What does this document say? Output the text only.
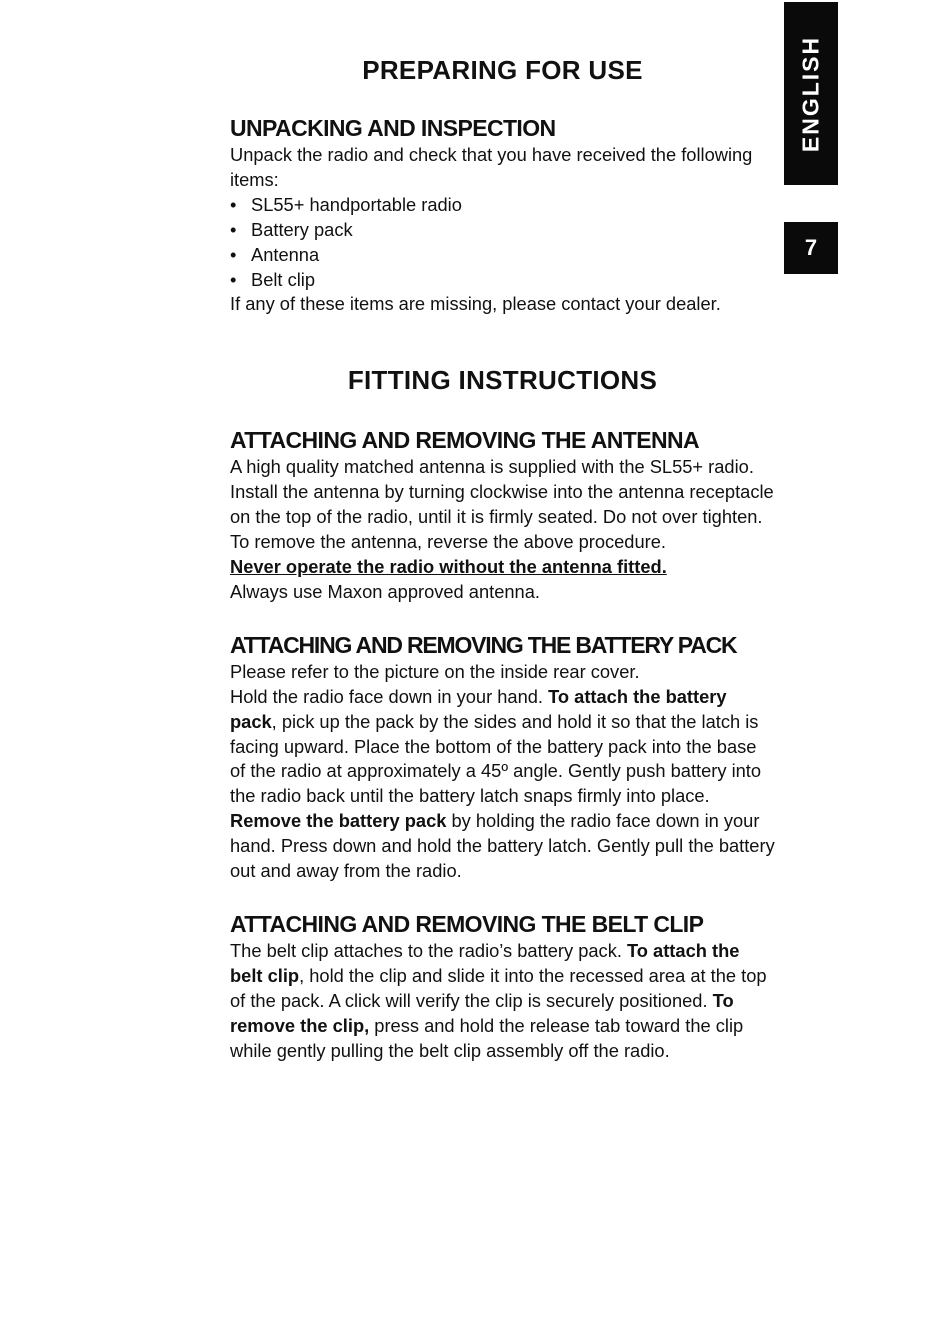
ENGLISH
7
PREPARING FOR USE
UNPACKING AND INSPECTION

Unpack the radio and check that you have received the following items:

• SL55+ handportable radio
• Battery pack
• Antenna
• Belt clip

If any of these items are missing, please contact your dealer.

FITTING INSTRUCTIONS
ATTACHING AND REMOVING THE ANTENNA

A high quality matched antenna is supplied with the SL55+ radio. Install the antenna by turning clockwise into the antenna receptacle on the top of the radio, until it is firmly seated. Do not over tighten. To remove the antenna, reverse the above procedure.

Never operate the radio without the antenna fitted.

Always use Maxon approved antenna.

ATTACHING AND REMOVING THE BATTERY PACK

Please refer to the picture on the inside rear cover.

Hold the radio face down in your hand. To attach the battery pack, pick up the pack by the sides and hold it so that the latch is facing upward. Place the bottom of the battery pack into the base of the radio at approximately a 45º angle. Gently push battery into the radio back until the battery latch snaps firmly into place.

Remove the battery pack by holding the radio face down in your hand. Press down and hold the battery latch. Gently pull the battery out and away from the radio.

ATTACHING AND REMOVING THE BELT CLIP

The belt clip attaches to the radio’s battery pack. To attach the belt clip, hold the clip and slide it into the recessed area at the top of the pack. A click will verify the clip is securely positioned. To remove the clip, press and hold the release tab toward the clip while gently pulling the belt clip assembly off the radio.
